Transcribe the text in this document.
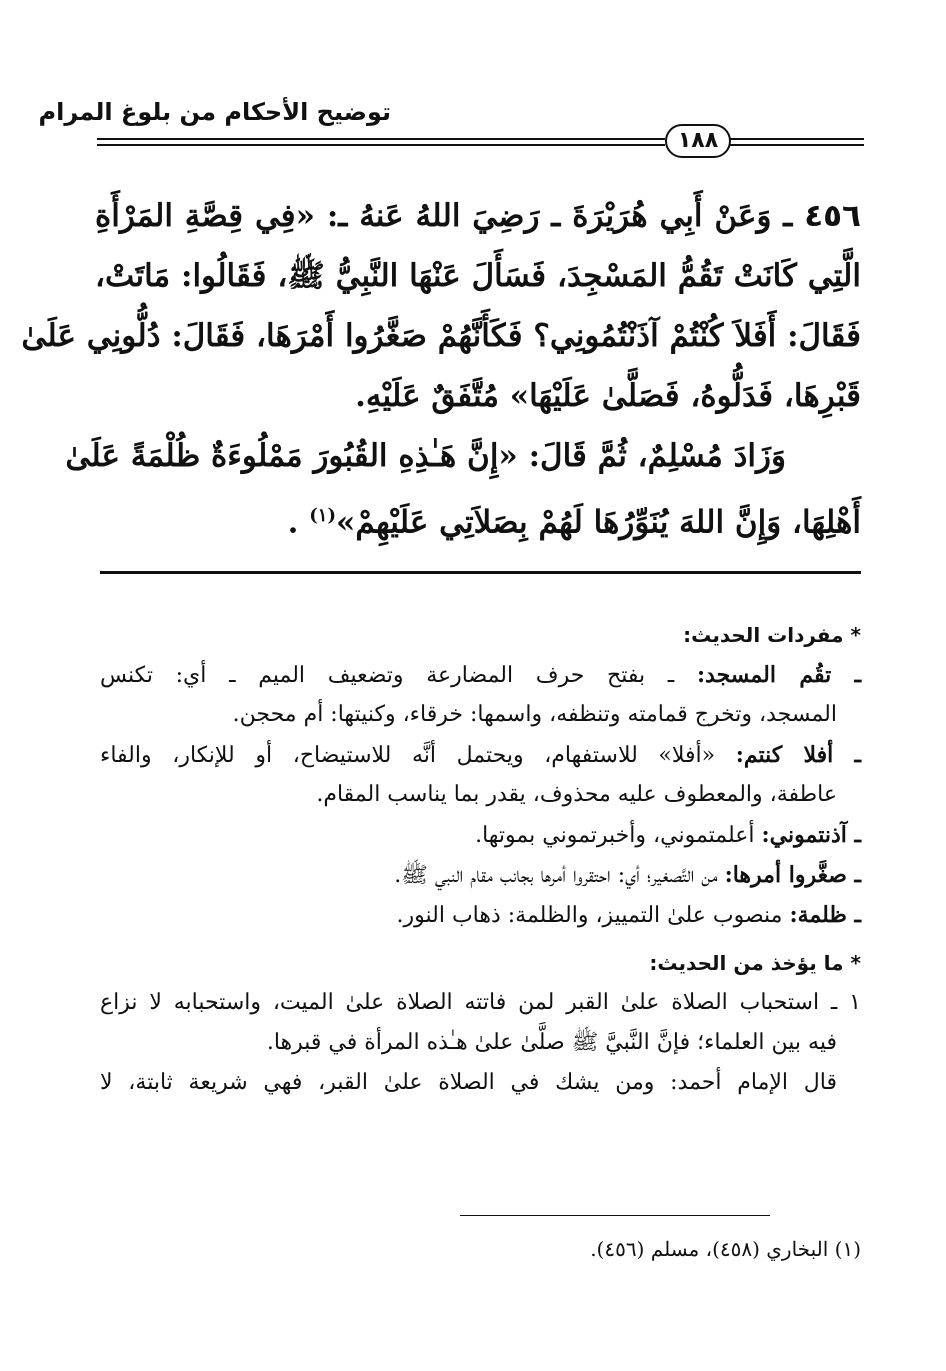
توضيح الأحكام من بلوغ المرام

١٨٨
٤٥٦ ـ وَعَنْ أَبِي هُرَيْرَةَ ـ رَضِيَ اللهُ عَنهُ ـ: «فِي قِصَّةِ المَرْأَةِ
الَّتِي كَانَتْ تَقُمُّ المَسْجِدَ، فَسَأَلَ عَنْهَا النَّبِيُّ ﷺ، فَقَالُوا: مَاتَتْ،
فَقَالَ: أَفَلاَ كُنْتُمْ آذَنْتُمُونِي؟ فَكَأَنَّهُمْ صَغَّرُوا أَمْرَهَا، فَقَالَ: دُلُّونِي عَلَىٰ
قَبْرِهَا، فَدَلُّوهُ، فَصَلَّىٰ عَلَيْهَا» مُتَّفَقٌ عَلَيْهِ.
وَزَادَ مُسْلِمٌ، ثُمَّ قَالَ: «إِنَّ هَـٰذِهِ القُبُورَ مَمْلُوءَةٌ ظُلْمَةً عَلَىٰ
أَهْلِهَا، وَإِنَّ اللهَ يُنَوِّرُهَا لَهُمْ بِصَلاَتِي عَلَيْهِمْ»$^{(١)}$ .

* مفردات الحديث:

ـ تقُم المسجد: ـ بفتح حرف المضارعة وتضعيف الميم ـ أي: تكنس
المسجد، وتخرج قمامته وتنظفه، واسمها: خرقاء، وكنيتها: أم محجن.
ـ أفلا كنتم: «أفلا» للاستفهام، ويحتمل أنَّه للاستيضاح، أو للإنكار، والفاء
عاطفة، والمعطوف عليه محذوف، يقدر بما يناسب المقام.
ـ آذنتموني: أعلمتموني، وأخبرتموني بموتها.
ـ صغَّروا أمرها: من التَّصغير؛ أي: احتقروا أمرها بجانب مقام النبي ﷺ.
ـ ظلمة: منصوب علىٰ التمييز، والظلمة: ذهاب النور.

* ما يؤخذ من الحديث:

١ ـ استحباب الصلاة علىٰ القبر لمن فاتته الصلاة علىٰ الميت، واستحبابه لا نزاع
فيه بين العلماء؛ فإنَّ النَّبيَّ ﷺ صلَّىٰ علىٰ هـٰذه المرأة في قبرها.
قال الإمام أحمد: ومن يشك في الصلاة علىٰ القبر، فهي شريعة ثابتة، لا

(١) البخاري (٤٥٨)، مسلم (٤٥٦).
